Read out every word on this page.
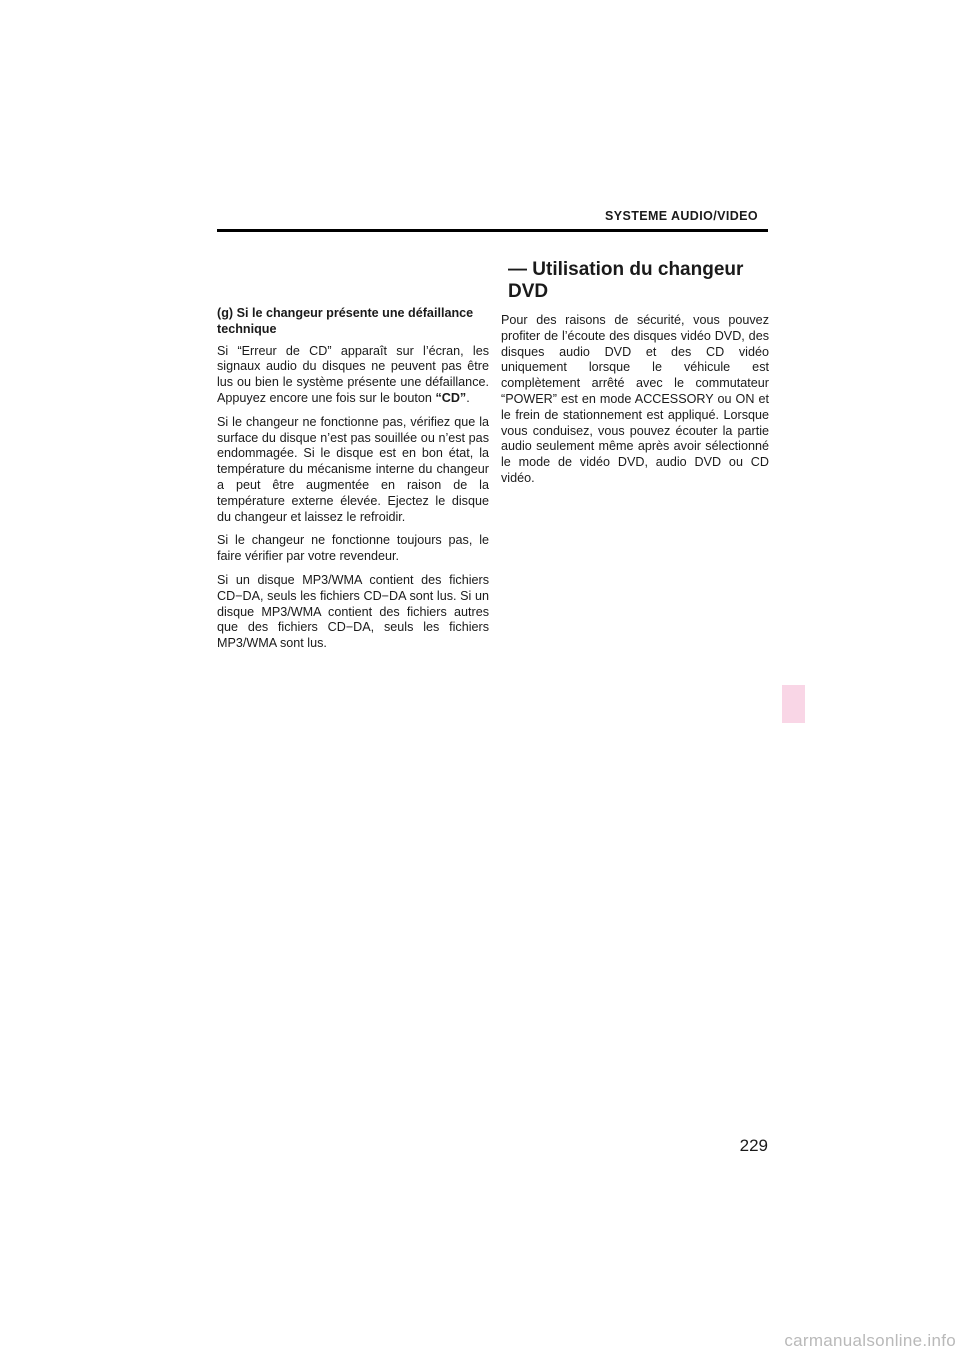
SYSTEME AUDIO/VIDEO
— Utilisation du changeur DVD
(g) Si le changeur présente une défaillance technique

Si “Erreur de CD” apparaît sur l’écran, les signaux audio du disques ne peuvent pas être lus ou bien le système présente une défaillance. Appuyez encore une fois sur le bouton “CD”.

Si le changeur ne fonctionne pas, vérifiez que la surface du disque n’est pas souillée ou n’est pas endommagée. Si le disque est en bon état, la température du mécanisme interne du changeur a peut être augmentée en raison de la température externe élevée. Ejectez le disque du changeur et laissez le refroidir.

Si le changeur ne fonctionne toujours pas, le faire vérifier par votre revendeur.

Si un disque MP3/WMA contient des fichiers CD−DA, seuls les fichiers CD−DA sont lus. Si un disque MP3/WMA contient des fichiers autres que des fichiers CD−DA, seuls les fichiers MP3/WMA sont lus.

Pour des raisons de sécurité, vous pouvez profiter de l’écoute des disques vidéo DVD, des disques audio DVD et des CD vidéo uniquement lorsque le véhicule est complètement arrêté avec le commutateur “POWER” est en mode ACCESSORY ou ON et le frein de stationnement est appliqué. Lorsque vous conduisez, vous pouvez écouter la partie audio seulement même après avoir sélectionné le mode de vidéo DVD, audio DVD ou CD vidéo.

229
carmanualsonline.info
